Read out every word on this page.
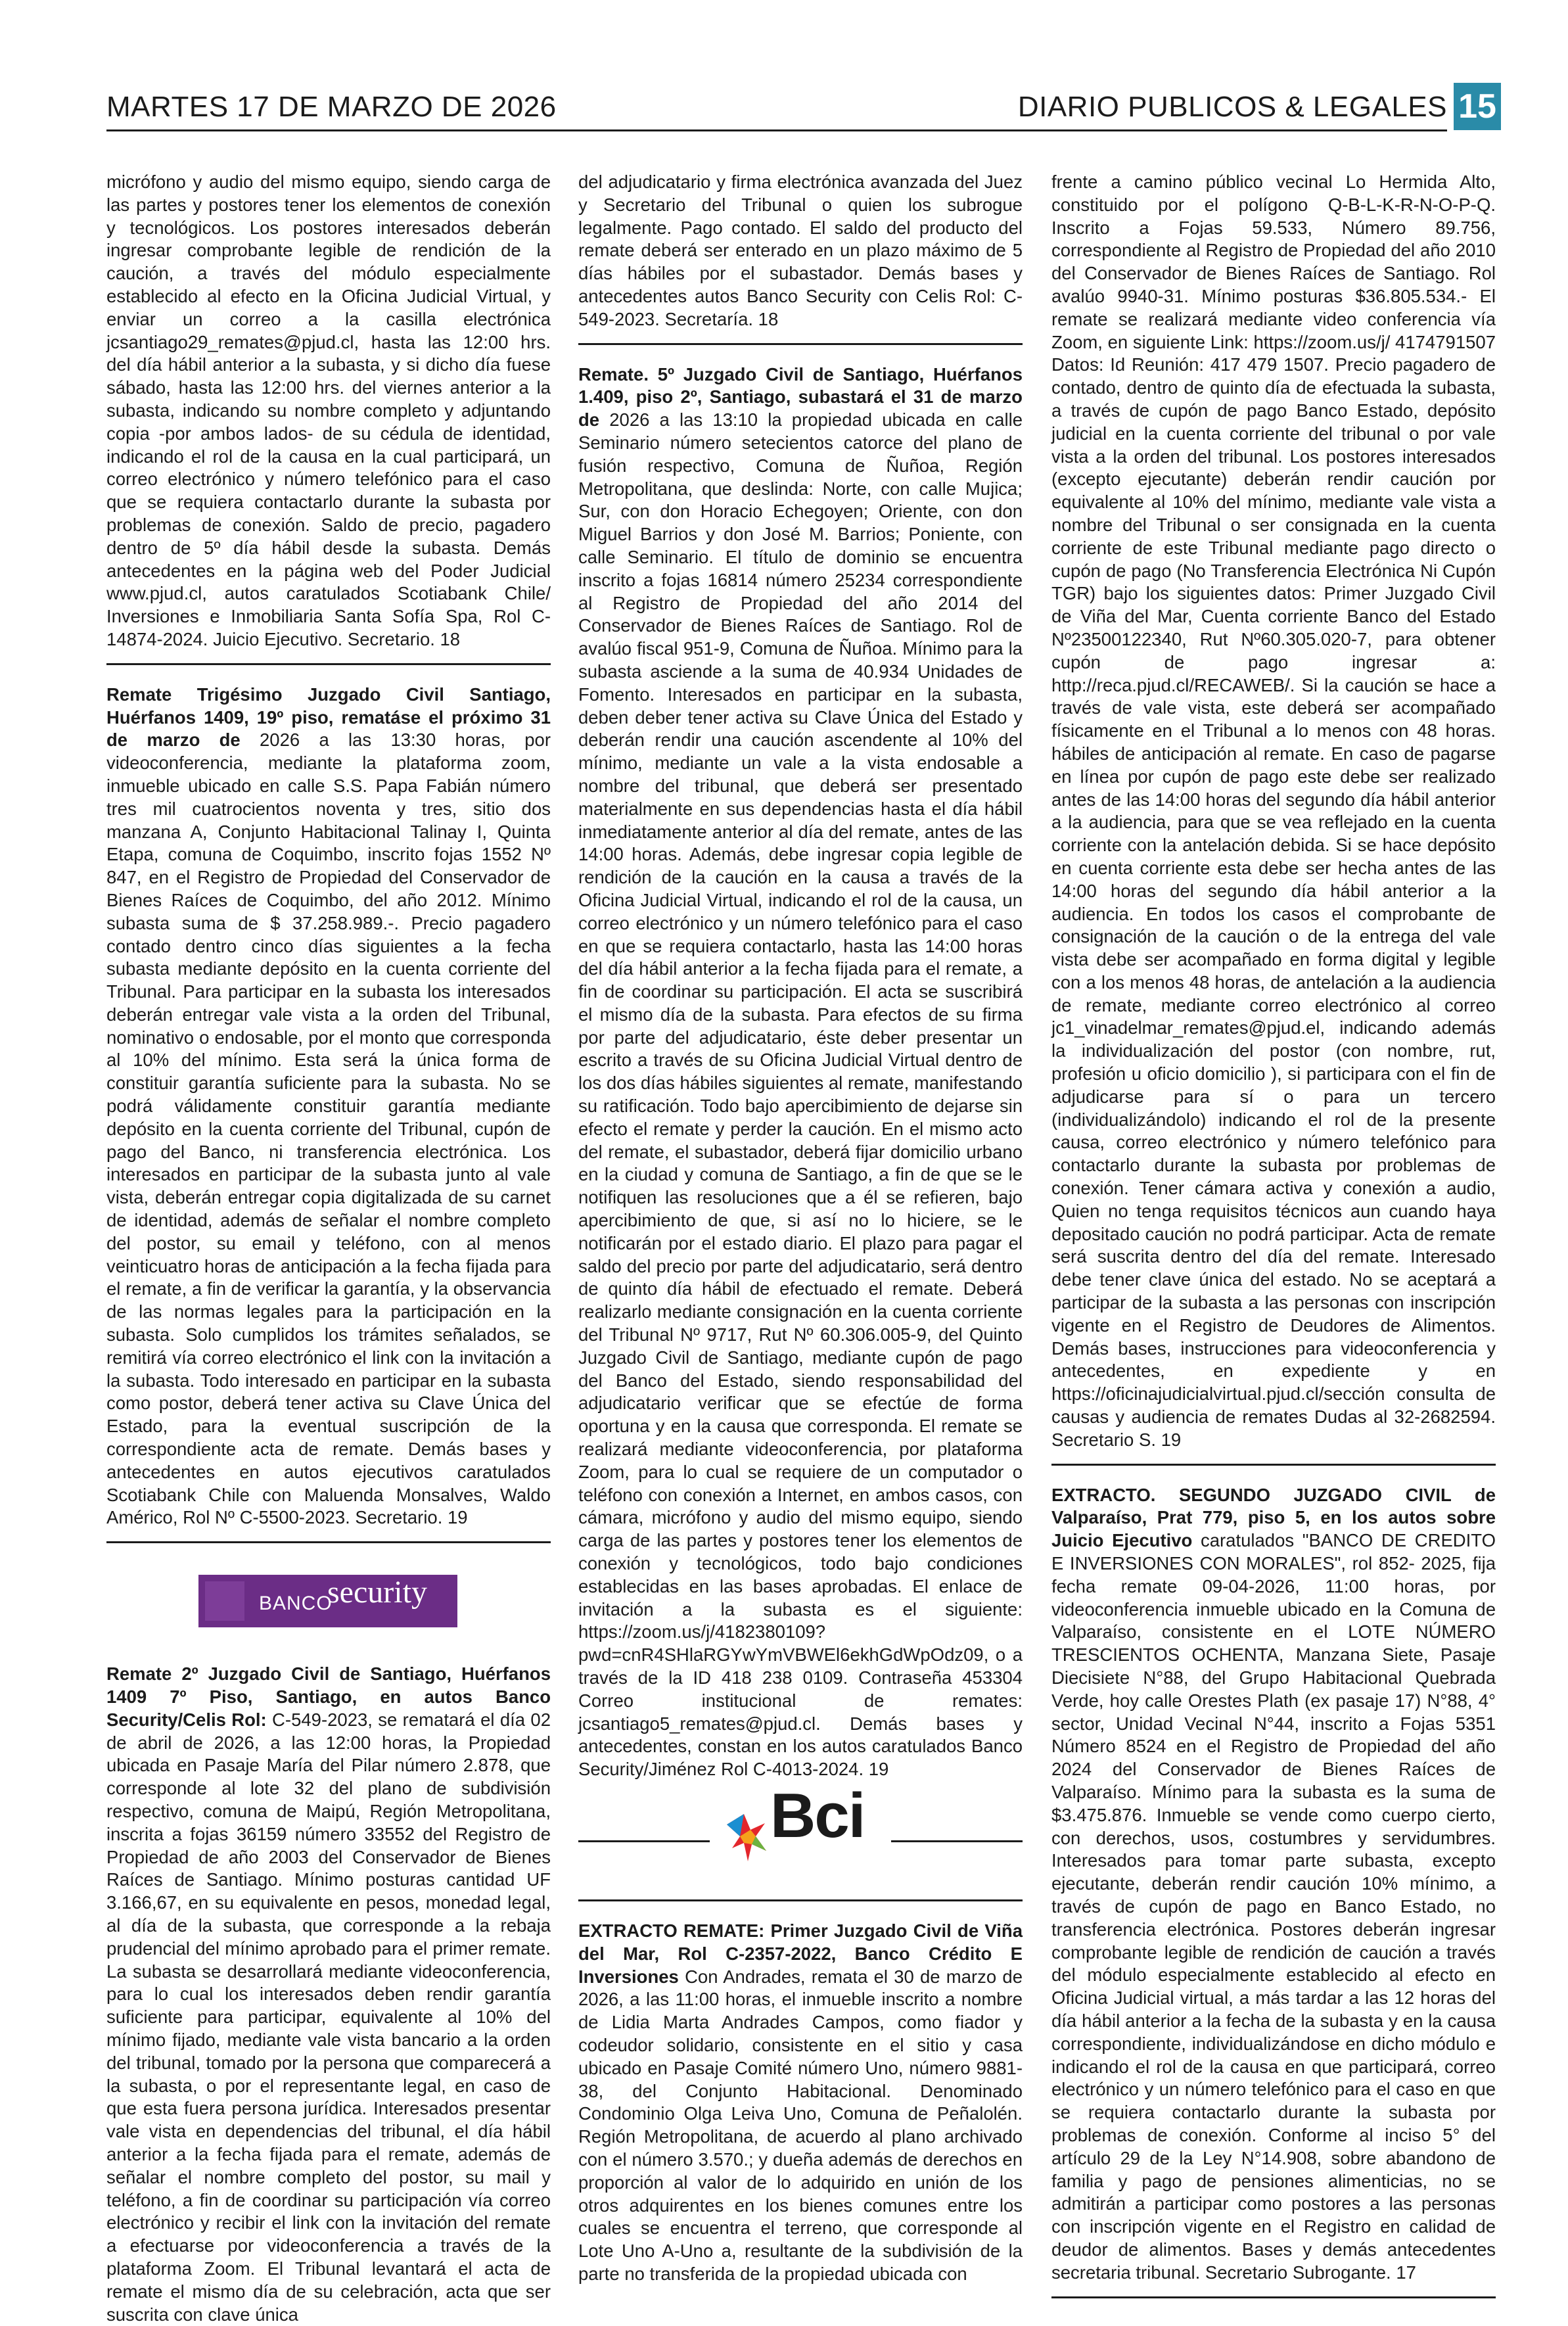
MARTES 17 DE MARZO DE 2026	DIARIO PUBLICOS & LEGALES 15

micrófono y audio del mismo equipo, siendo carga de las partes y postores tener los elementos de conexión y tecnológicos. Los postores interesados deberán ingresar comprobante legible de rendición de la caución, a través del módulo especialmente establecido al efecto en la Oficina Judicial Virtual, y enviar un correo a la casilla electrónica jcsantiago29_remates@pjud.cl, hasta las 12:00 hrs. del día hábil anterior a la subasta, y si dicho día fuese sábado, hasta las 12:00 hrs. del viernes anterior a la subasta, indicando su nombre completo y adjuntando copia -por ambos lados- de su cédula de identidad, indicando el rol de la causa en la cual participará, un correo electrónico y número telefónico para el caso que se requiera contactarlo durante la subasta por problemas de conexión. Saldo de precio, pagadero dentro de 5º día hábil desde la subasta. Demás antecedentes en la página web del Poder Judicial www.pjud.cl, autos caratulados Scotiabank Chile/ Inversiones e Inmobiliaria Santa Sofía Spa, Rol C-14874-2024. Juicio Ejecutivo. Secretario. 18

Remate Trigésimo Juzgado Civil Santiago, Huérfanos 1409, 19º piso, rematáse el próximo 31 de marzo de 2026 a las 13:30 horas, por videoconferencia, mediante la plataforma zoom, inmueble ubicado en calle S.S. Papa Fabián número tres mil cuatrocientos noventa y tres, sitio dos manzana A, Conjunto Habitacional Talinay I, Quinta Etapa, comuna de Coquimbo, inscrito fojas 1552 Nº 847, en el Registro de Propiedad del Conservador de Bienes Raíces de Coquimbo, del año 2012. Mínimo subasta suma de $ 37.258.989.-. Precio pagadero contado dentro cinco días siguientes a la fecha subasta mediante depósito en la cuenta corriente del Tribunal. Para participar en la subasta los interesados deberán entregar vale vista a la orden del Tribunal, nominativo o endosable, por el monto que corresponda al 10% del mínimo. Esta será la única forma de constituir garantía suficiente para la subasta. No se podrá válidamente constituir garantía mediante depósito en la cuenta corriente del Tribunal, cupón de pago del Banco, ni transferencia electrónica. Los interesados en participar de la subasta junto al vale vista, deberán entregar copia digitalizada de su carnet de identidad, además de señalar el nombre completo del postor, su email y teléfono, con al menos veinticuatro horas de anticipación a la fecha fijada para el remate, a fin de verificar la garantía, y la observancia de las normas legales para la participación en la subasta. Solo cumplidos los trámites señalados, se remitirá vía correo electrónico el link con la invitación a la subasta. Todo interesado en participar en la subasta como postor, deberá tener activa su Clave Única del Estado, para la eventual suscripción de la correspondiente acta de remate. Demás bases y antecedentes en autos ejecutivos caratulados Scotiabank Chile con Maluenda Monsalves, Waldo Américo, Rol Nº C-5500-2023. Secretario. 19

BANCO
security

Remate 2º Juzgado Civil de Santiago, Huérfanos 1409 7º Piso, Santiago, en autos Banco Security/Celis Rol: C-549-2023, se rematará el día 02 de abril de 2026, a las 12:00 horas, la Propiedad ubicada en Pasaje María del Pilar número 2.878, que corresponde al lote 32 del plano de subdivisión respectivo, comuna de Maipú, Región Metropolitana, inscrita a fojas 36159 número 33552 del Registro de Propiedad de año 2003 del Conservador de Bienes Raíces de Santiago. Mínimo posturas cantidad UF 3.166,67, en su equivalente en pesos, monedad legal, al día de la subasta, que corresponde a la rebaja prudencial del mínimo aprobado para el primer remate. La subasta se desarrollará mediante videoconferencia, para lo cual los interesados deben rendir garantía suficiente para participar, equivalente al 10% del mínimo fijado, mediante vale vista bancario a la orden del tribunal, tomado por la persona que comparecerá a la subasta, o por el representante legal, en caso de que esta fuera persona jurídica. Interesados presentar vale vista en dependencias del tribunal, el día hábil anterior a la fecha fijada para el remate, además de señalar el nombre completo del postor, su mail y teléfono, a fin de coordinar su participación vía correo electrónico y recibir el link con la invitación del remate a efectuarse por videoconferencia a través de la plataforma Zoom. El Tribunal levantará el acta de remate el mismo día de su celebración, acta que ser suscrita con clave única

del adjudicatario y firma electrónica avanzada del Juez y Secretario del Tribunal o quien los subrogue legalmente. Pago contado. El saldo del producto del remate deberá ser enterado en un plazo máximo de 5 días hábiles por el subastador. Demás bases y antecedentes autos Banco Security con Celis Rol: C-549-2023. Secretaría. 18

Remate. 5º Juzgado Civil de Santiago, Huérfanos 1.409, piso 2º, Santiago, subastará el 31 de marzo de 2026 a las 13:10 la propiedad ubicada en calle Seminario número setecientos catorce del plano de fusión respectivo, Comuna de Ñuñoa, Región Metropolitana, que deslinda: Norte, con calle Mujica; Sur, con don Horacio Echegoyen; Oriente, con don Miguel Barrios y don José M. Barrios; Poniente, con calle Seminario. El título de dominio se encuentra inscrito a fojas 16814 número 25234 correspondiente al Registro de Propiedad del año 2014 del Conservador de Bienes Raíces de Santiago. Rol de avalúo fiscal 951-9, Comuna de Ñuñoa. Mínimo para la subasta asciende a la suma de 40.934 Unidades de Fomento. Interesados en participar en la subasta, deben deber tener activa su Clave Única del Estado y deberán rendir una caución ascendente al 10% del mínimo, mediante un vale a la vista endosable a nombre del tribunal, que deberá ser presentado materialmente en sus dependencias hasta el día hábil inmediatamente anterior al día del remate, antes de las 14:00 horas. Además, debe ingresar copia legible de rendición de la caución en la causa a través de la Oficina Judicial Virtual, indicando el rol de la causa, un correo electrónico y un número telefónico para el caso en que se requiera contactarlo, hasta las 14:00 horas del día hábil anterior a la fecha fijada para el remate, a fin de coordinar su participación. El acta se suscribirá el mismo día de la subasta. Para efectos de su firma por parte del adjudicatario, éste deber presentar un escrito a través de su Oficina Judicial Virtual dentro de los dos días hábiles siguientes al remate, manifestando su ratificación. Todo bajo apercibimiento de dejarse sin efecto el remate y perder la caución. En el mismo acto del remate, el subastador, deberá fijar domicilio urbano en la ciudad y comuna de Santiago, a fin de que se le notifiquen las resoluciones que a él se refieren, bajo apercibimiento de que, si así no lo hiciere, se le notificarán por el estado diario. El plazo para pagar el saldo del precio por parte del adjudicatario, será dentro de quinto día hábil de efectuado el remate. Deberá realizarlo mediante consignación en la cuenta corriente del Tribunal Nº 9717, Rut Nº 60.306.005-9, del Quinto Juzgado Civil de Santiago, mediante cupón de pago del Banco del Estado, siendo responsabilidad del adjudicatario verificar que se efectúe de forma oportuna y en la causa que corresponda. El remate se realizará mediante videoconferencia, por plataforma Zoom, para lo cual se requiere de un computador o teléfono con conexión a Internet, en ambos casos, con cámara, micrófono y audio del mismo equipo, siendo carga de las partes y postores tener los elementos de conexión y tecnológicos, todo bajo condiciones establecidas en las bases aprobadas. El enlace de invitación a la subasta es el siguiente: https://zoom.us/j/4182380109? pwd=cnR4SHlaRGYwYmVBWEl6ekhGdWpOdz09, o a través de la ID 418 238 0109. Contraseña 453304 Correo institucional de remates: jcsantiago5_remates@pjud.cl. Demás bases y antecedentes, constan en los autos caratulados Banco Security/Jiménez Rol C-4013-2024. 19

Bci

EXTRACTO REMATE: Primer Juzgado Civil de Viña del Mar, Rol C-2357-2022, Banco Crédito E Inversiones Con Andrades, remata el 30 de marzo de 2026, a las 11:00 horas, el inmueble inscrito a nombre de Lidia Marta Andrades Campos, como fiador y codeudor solidario, consistente en el sitio y casa ubicado en Pasaje Comité número Uno, número 9881-38, del Conjunto Habitacional. Denominado Condominio Olga Leiva Uno, Comuna de Peñalolén. Región Metropolitana, de acuerdo al plano archivado con el número 3.570.; y dueña además de derechos en proporción al valor de lo adquirido en unión de los otros adquirentes en los bienes comunes entre los cuales se encuentra el terreno, que corresponde al Lote Uno A-Uno a, resultante de la subdivisión de la parte no transferida de la propiedad ubicada con

frente a camino público vecinal Lo Hermida Alto, constituido por el polígono Q-B-L-K-R-N-O-P-Q. Inscrito a Fojas 59.533, Número 89.756, correspondiente al Registro de Propiedad del año 2010 del Conservador de Bienes Raíces de Santiago. Rol avalúo 9940-31. Mínimo posturas $36.805.534.- El remate se realizará mediante video conferencia vía Zoom, en siguiente Link: https://zoom.us/j/ 4174791507 Datos: Id Reunión: 417 479 1507. Precio pagadero de contado, dentro de quinto día de efectuada la subasta, a través de cupón de pago Banco Estado, depósito judicial en la cuenta corriente del tribunal o por vale vista a la orden del tribunal. Los postores interesados (excepto ejecutante) deberán rendir caución por equivalente al 10% del mínimo, mediante vale vista a nombre del Tribunal o ser consignada en la cuenta corriente de este Tribunal mediante pago directo o cupón de pago (No Transferencia Electrónica Ni Cupón TGR) bajo los siguientes datos: Primer Juzgado Civil de Viña del Mar, Cuenta corriente Banco del Estado Nº23500122340, Rut Nº60.305.020-7, para obtener cupón de pago ingresar a: http://reca.pjud.cl/RECAWEB/. Si la caución se hace a través de vale vista, este deberá ser acompañado físicamente en el Tribunal a lo menos con 48 horas. hábiles de anticipación al remate. En caso de pagarse en línea por cupón de pago este debe ser realizado antes de las 14:00 horas del segundo día hábil anterior a la audiencia, para que se vea reflejado en la cuenta corriente con la antelación debida. Si se hace depósito en cuenta corriente esta debe ser hecha antes de las 14:00 horas del segundo día hábil anterior a la audiencia. En todos los casos el comprobante de consignación de la caución o de la entrega del vale vista debe ser acompañado en forma digital y legible con a los menos 48 horas, de antelación a la audiencia de remate, mediante correo electrónico al correo jc1_vinadelmar_remates@pjud.el, indicando además la individualización del postor (con nombre, rut, profesión u oficio domicilio ), si participara con el fin de adjudicarse para sí o para un tercero (individualizándolo) indicando el rol de la presente causa, correo electrónico y número telefónico para contactarlo durante la subasta por problemas de conexión. Tener cámara activa y conexión a audio, Quien no tenga requisitos técnicos aun cuando haya depositado caución no podrá participar. Acta de remate será suscrita dentro del día del remate. Interesado debe tener clave única del estado. No se aceptará a participar de la subasta a las personas con inscripción vigente en el Registro de Deudores de Alimentos. Demás bases, instrucciones para videoconferencia y antecedentes, en expediente y en https://oficinajudicialvirtual.pjud.cl/sección consulta de causas y audiencia de remates Dudas al 32-2682594. Secretario S. 19

EXTRACTO. SEGUNDO JUZGADO CIVIL de Valparaíso, Prat 779, piso 5, en los autos sobre Juicio Ejecutivo caratulados "BANCO DE CREDITO E INVERSIONES CON MORALES", rol 852- 2025, fija fecha remate 09-04-2026, 11:00 horas, por videoconferencia inmueble ubicado en la Comuna de Valparaíso, consistente en el LOTE NÚMERO TRESCIENTOS OCHENTA, Manzana Siete, Pasaje Diecisiete N°88, del Grupo Habitacional Quebrada Verde, hoy calle Orestes Plath (ex pasaje 17) N°88, 4° sector, Unidad Vecinal N°44, inscrito a Fojas 5351 Número 8524 en el Registro de Propiedad del año 2024 del Conservador de Bienes Raíces de Valparaíso. Mínimo para la subasta es la suma de $3.475.876. Inmueble se vende como cuerpo cierto, con derechos, usos, costumbres y servidumbres. Interesados para tomar parte subasta, excepto ejecutante, deberán rendir caución 10% mínimo, a través de cupón de pago en Banco Estado, no transferencia electrónica. Postores deberán ingresar comprobante legible de rendición de caución a través del módulo especialmente establecido al efecto en Oficina Judicial virtual, a más tardar a las 12 horas del día hábil anterior a la fecha de la subasta y en la causa correspondiente, individualizándose en dicho módulo e indicando el rol de la causa en que participará, correo electrónico y un número telefónico para el caso en que se requiera contactarlo durante la subasta por problemas de conexión. Conforme al inciso 5° del artículo 29 de la Ley N°14.908, sobre abandono de familia y pago de pensiones alimenticias, no se admitirán a participar como postores a las personas con inscripción vigente en el Registro en calidad de deudor de alimentos. Bases y demás antecedentes secretaria tribunal. Secretario Subrogante. 17
